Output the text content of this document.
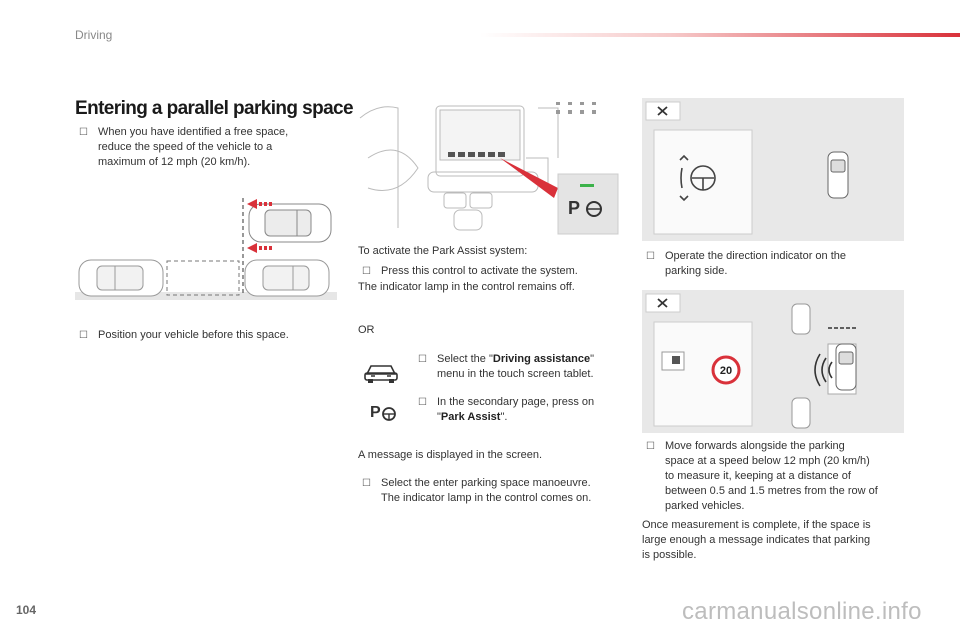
Driving
Entering a parallel parking space
☐ When you have identified a free space,
reduce the speed of the vehicle to a
maximum of 12 mph (20 km/h).
☐ Position your vehicle before this space.
P
To activate the Park Assist system:
☐ Press this control to activate the system.
The indicator lamp in the control remains off.
OR
☐ Select the "Driving assistance"
menu in the touch screen tablet.
P
☐ In the secondary page, press on
"Park Assist".
A message is displayed in the screen.
☐ Select the enter parking space manoeuvre.
The indicator lamp in the control comes on.
☐ Operate the direction indicator on the
parking side.
20
☐ Move forwards alongside the parking
space at a speed below 12 mph (20 km/h)
to measure it, keeping at a distance of
between 0.5 and 1.5 metres from the row of
parked vehicles.
Once measurement is complete, if the space is
large enough a message indicates that parking
is possible.
104	carmanualsonline.info
